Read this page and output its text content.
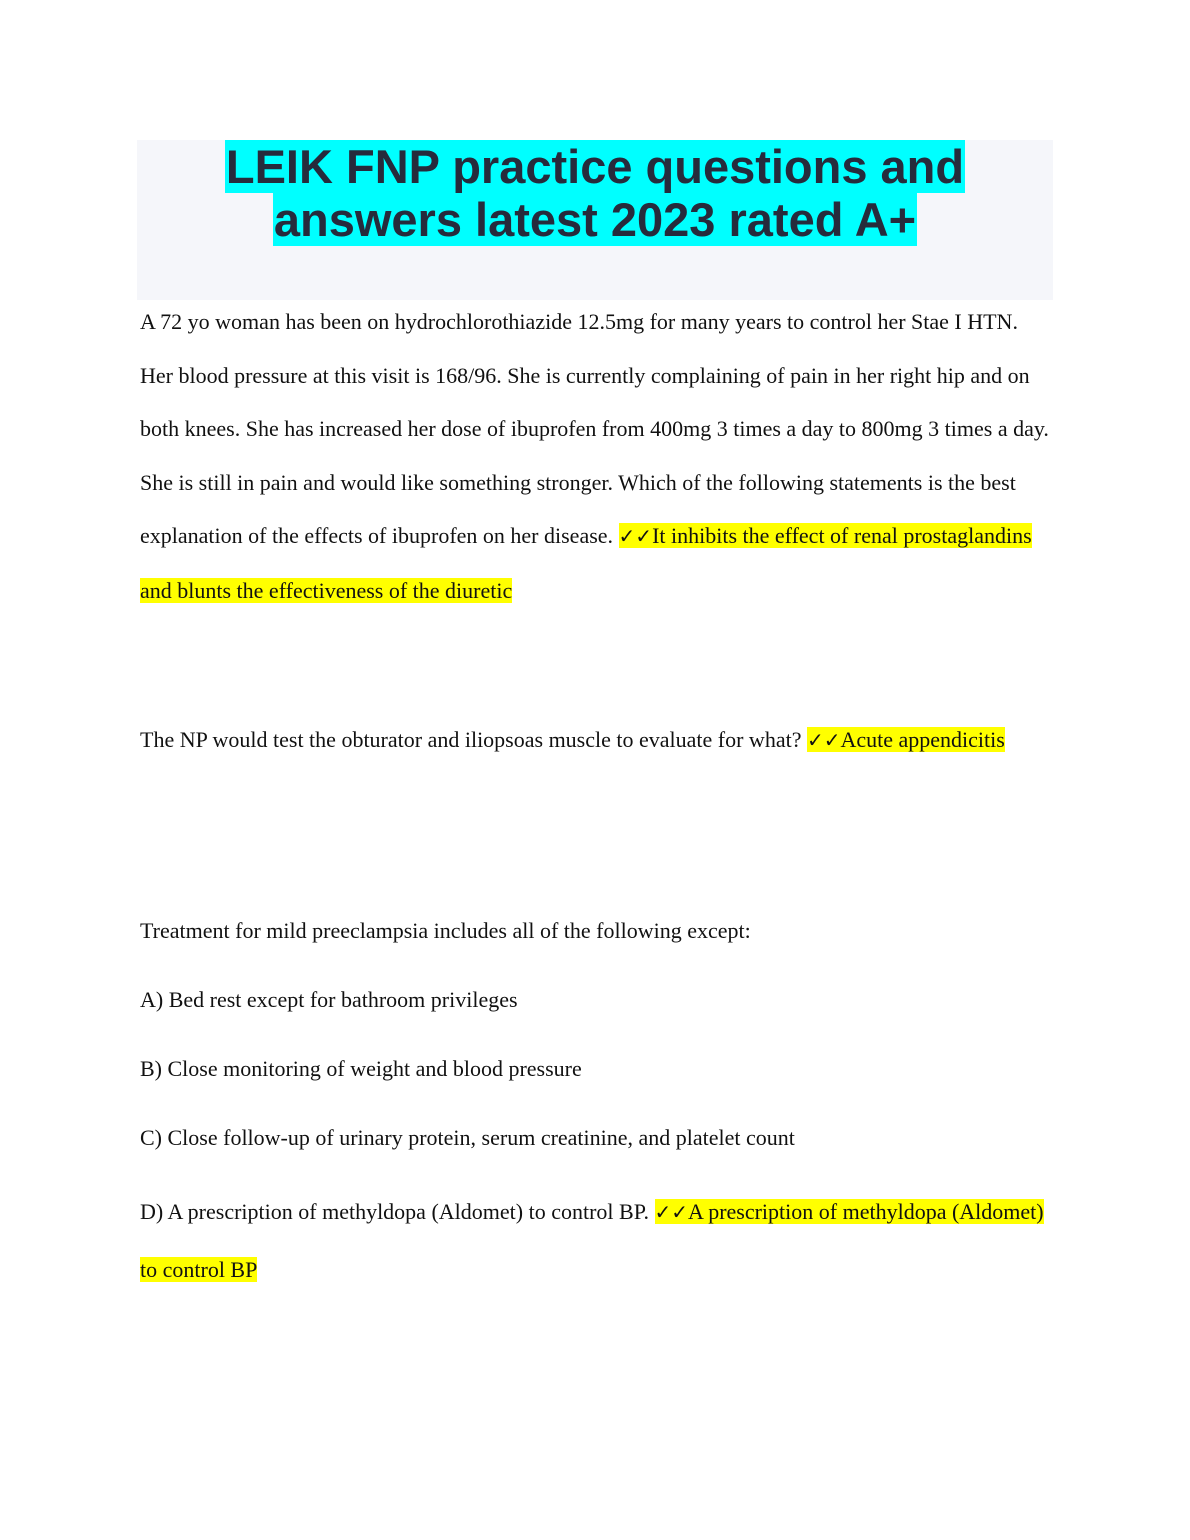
LEIK FNP practice questions and answers latest 2023 rated A+

A 72 yo woman has been on hydrochlorothiazide 12.5mg for many years to control her Stae I HTN. Her blood pressure at this visit is 168/96. She is currently complaining of pain in her right hip and on both knees. She has increased her dose of ibuprofen from 400mg 3 times a day to 800mg 3 times a day. She is still in pain and would like something stronger. Which of the following statements is the best explanation of the effects of ibuprofen on her disease. ✓✓It inhibits the effect of renal prostaglandins and blunts the effectiveness of the diuretic

The NP would test the obturator and iliopsoas muscle to evaluate for what? ✓✓Acute appendicitis

Treatment for mild preeclampsia includes all of the following except:

A) Bed rest except for bathroom privileges

B) Close monitoring of weight and blood pressure

C) Close follow-up of urinary protein, serum creatinine, and platelet count

D) A prescription of methyldopa (Aldomet) to control BP. ✓✓A prescription of methyldopa (Aldomet) to control BP
